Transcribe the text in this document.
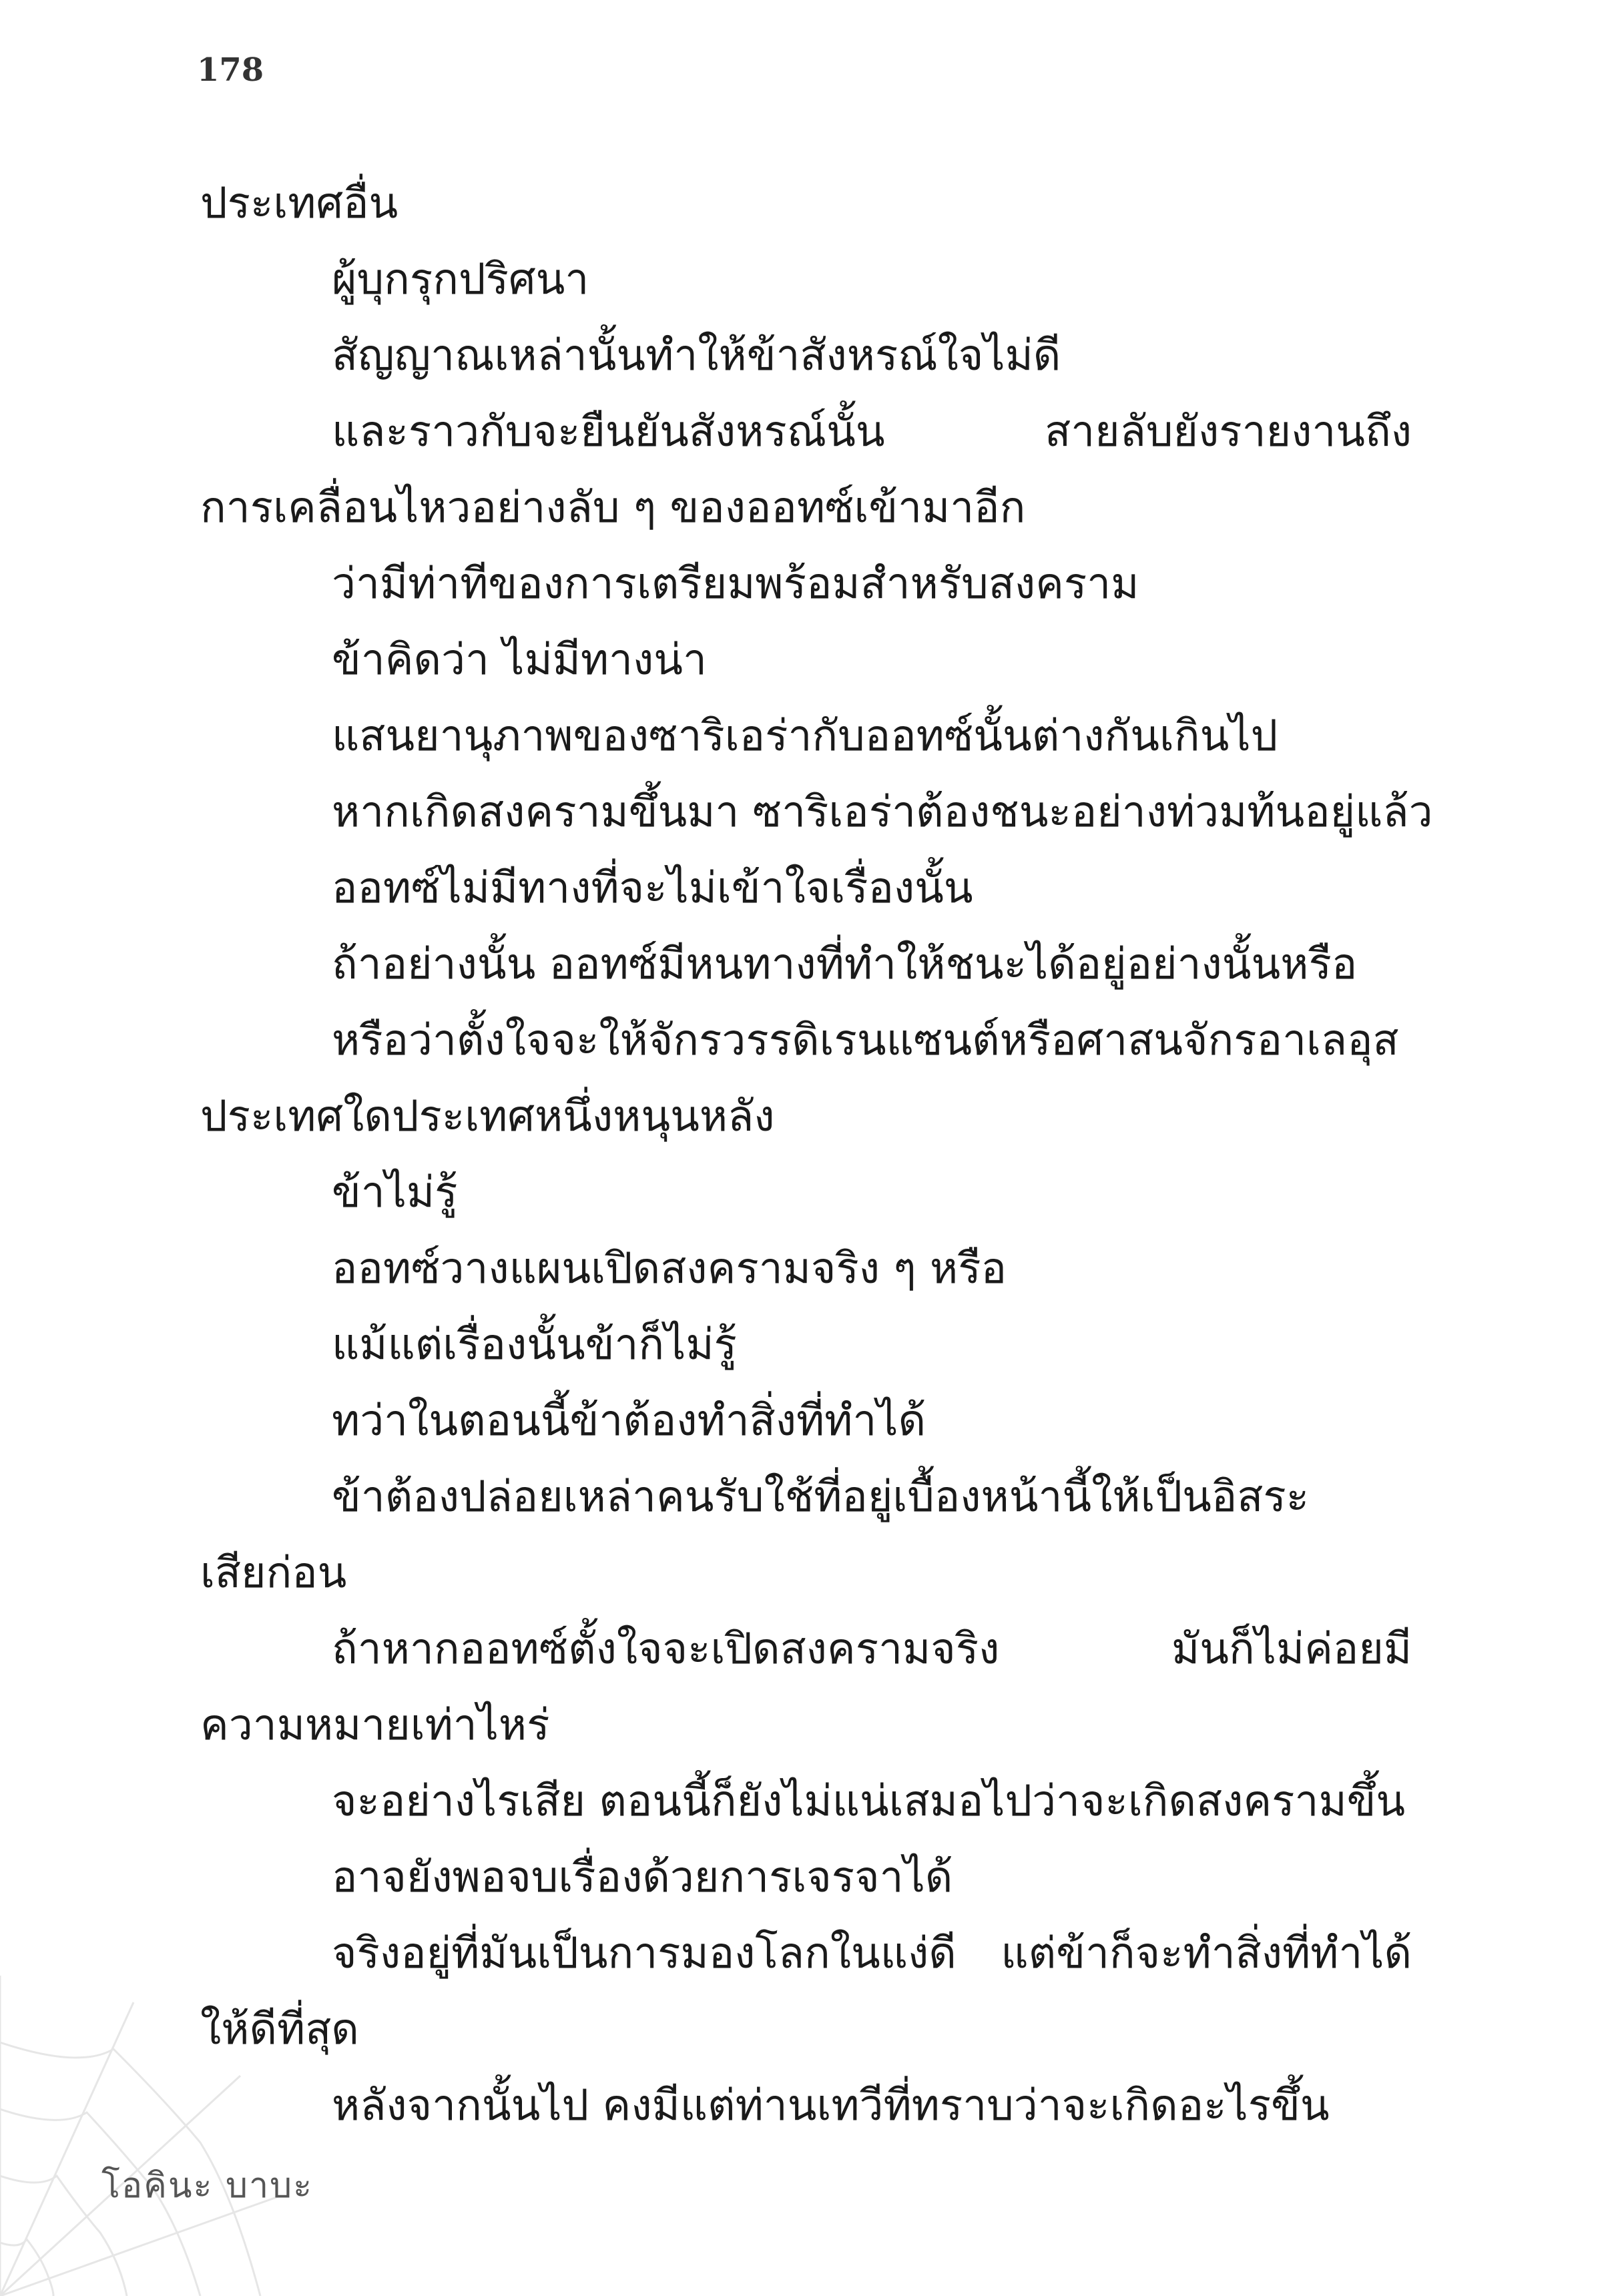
178

ประเทศอื่น

ผู้บุกรุกปริศนา

สัญญาณเหล่านั้นทำให้ข้าสังหรณ์ใจไม่ดี

และราวกับจะยืนยันสังหรณ์นั้น สายลับยังรายงานถึง

การเคลื่อนไหวอย่างลับ ๆ ของออทซ์เข้ามาอีก

ว่ามีท่าทีของการเตรียมพร้อมสำหรับสงคราม

ข้าคิดว่า ไม่มีทางน่า

แสนยานุภาพของซาริเอร่ากับออทซ์นั้นต่างกันเกินไป

หากเกิดสงครามขึ้นมา ซาริเอร่าต้องชนะอย่างท่วมท้นอยู่แล้ว

ออทซ์ไม่มีทางที่จะไม่เข้าใจเรื่องนั้น

ถ้าอย่างนั้น ออทซ์มีหนทางที่ทำให้ชนะได้อยู่อย่างนั้นหรือ

หรือว่าตั้งใจจะให้จักรวรรดิเรนแซนต์หรือศาสนจักรอาเลอุส

ประเทศใดประเทศหนึ่งหนุนหลัง

ข้าไม่รู้

ออทซ์วางแผนเปิดสงครามจริง ๆ หรือ

แม้แต่เรื่องนั้นข้าก็ไม่รู้

ทว่าในตอนนี้ข้าต้องทำสิ่งที่ทำได้

ข้าต้องปล่อยเหล่าคนรับใช้ที่อยู่เบื้องหน้านี้ให้เป็นอิสระ

เสียก่อน

ถ้าหากออทซ์ตั้งใจจะเปิดสงครามจริง มันก็ไม่ค่อยมี

ความหมายเท่าไหร่

จะอย่างไรเสีย ตอนนี้ก็ยังไม่แน่เสมอไปว่าจะเกิดสงครามขึ้น

อาจยังพอจบเรื่องด้วยการเจรจาได้

จริงอยู่ที่มันเป็นการมองโลกในแง่ดี แต่ข้าก็จะทำสิ่งที่ทำได้

ให้ดีที่สุด

หลังจากนั้นไป คงมีแต่ท่านเทวีที่ทราบว่าจะเกิดอะไรขึ้น

โอคินะ บาบะ
